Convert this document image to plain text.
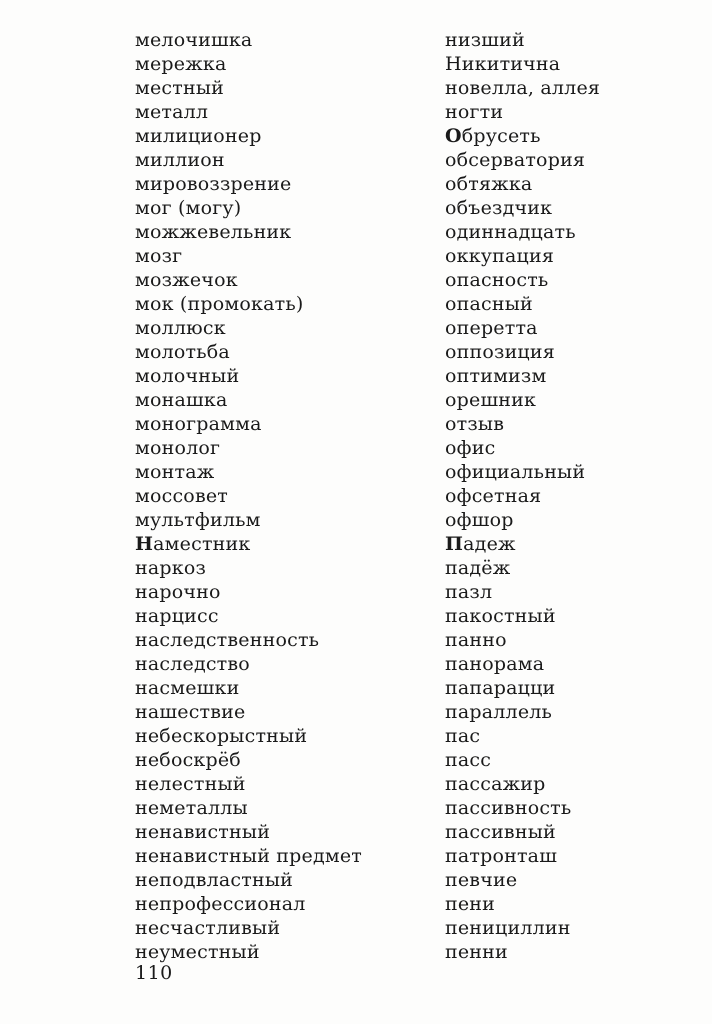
мелочишка
мережка
местный
металл
милиционер
миллион
мировоззрение
мог (могу)
можжевельник
мозг
мозжечок
мок (промокать)
моллюск
молотьба
молочный
монашка
монограмма
монолог
монтаж
моссовет
мультфильм
Наместник
наркоз
нарочно
нарцисс
наследственность
наследство
насмешки
нашествие
небескорыстный
небоскрёб
нелестный
неметаллы
ненавистный
ненавистный предмет
неподвластный
непрофессионал
несчастливый
неуместный
низший
Никитична
новелла, аллея
ногти
Обрусеть
обсерватория
обтяжка
объездчик
одиннадцать
оккупация
опасность
опасный
оперетта
оппозиция
оптимизм
орешник
отзыв
офис
официальный
офсетная
офшор
Падеж
падёж
пазл
пакостный
панно
панорама
папарацци
параллель
пас
пасс
пассажир
пассивность
пассивный
патронташ
певчие
пени
пенициллин
пенни
110
